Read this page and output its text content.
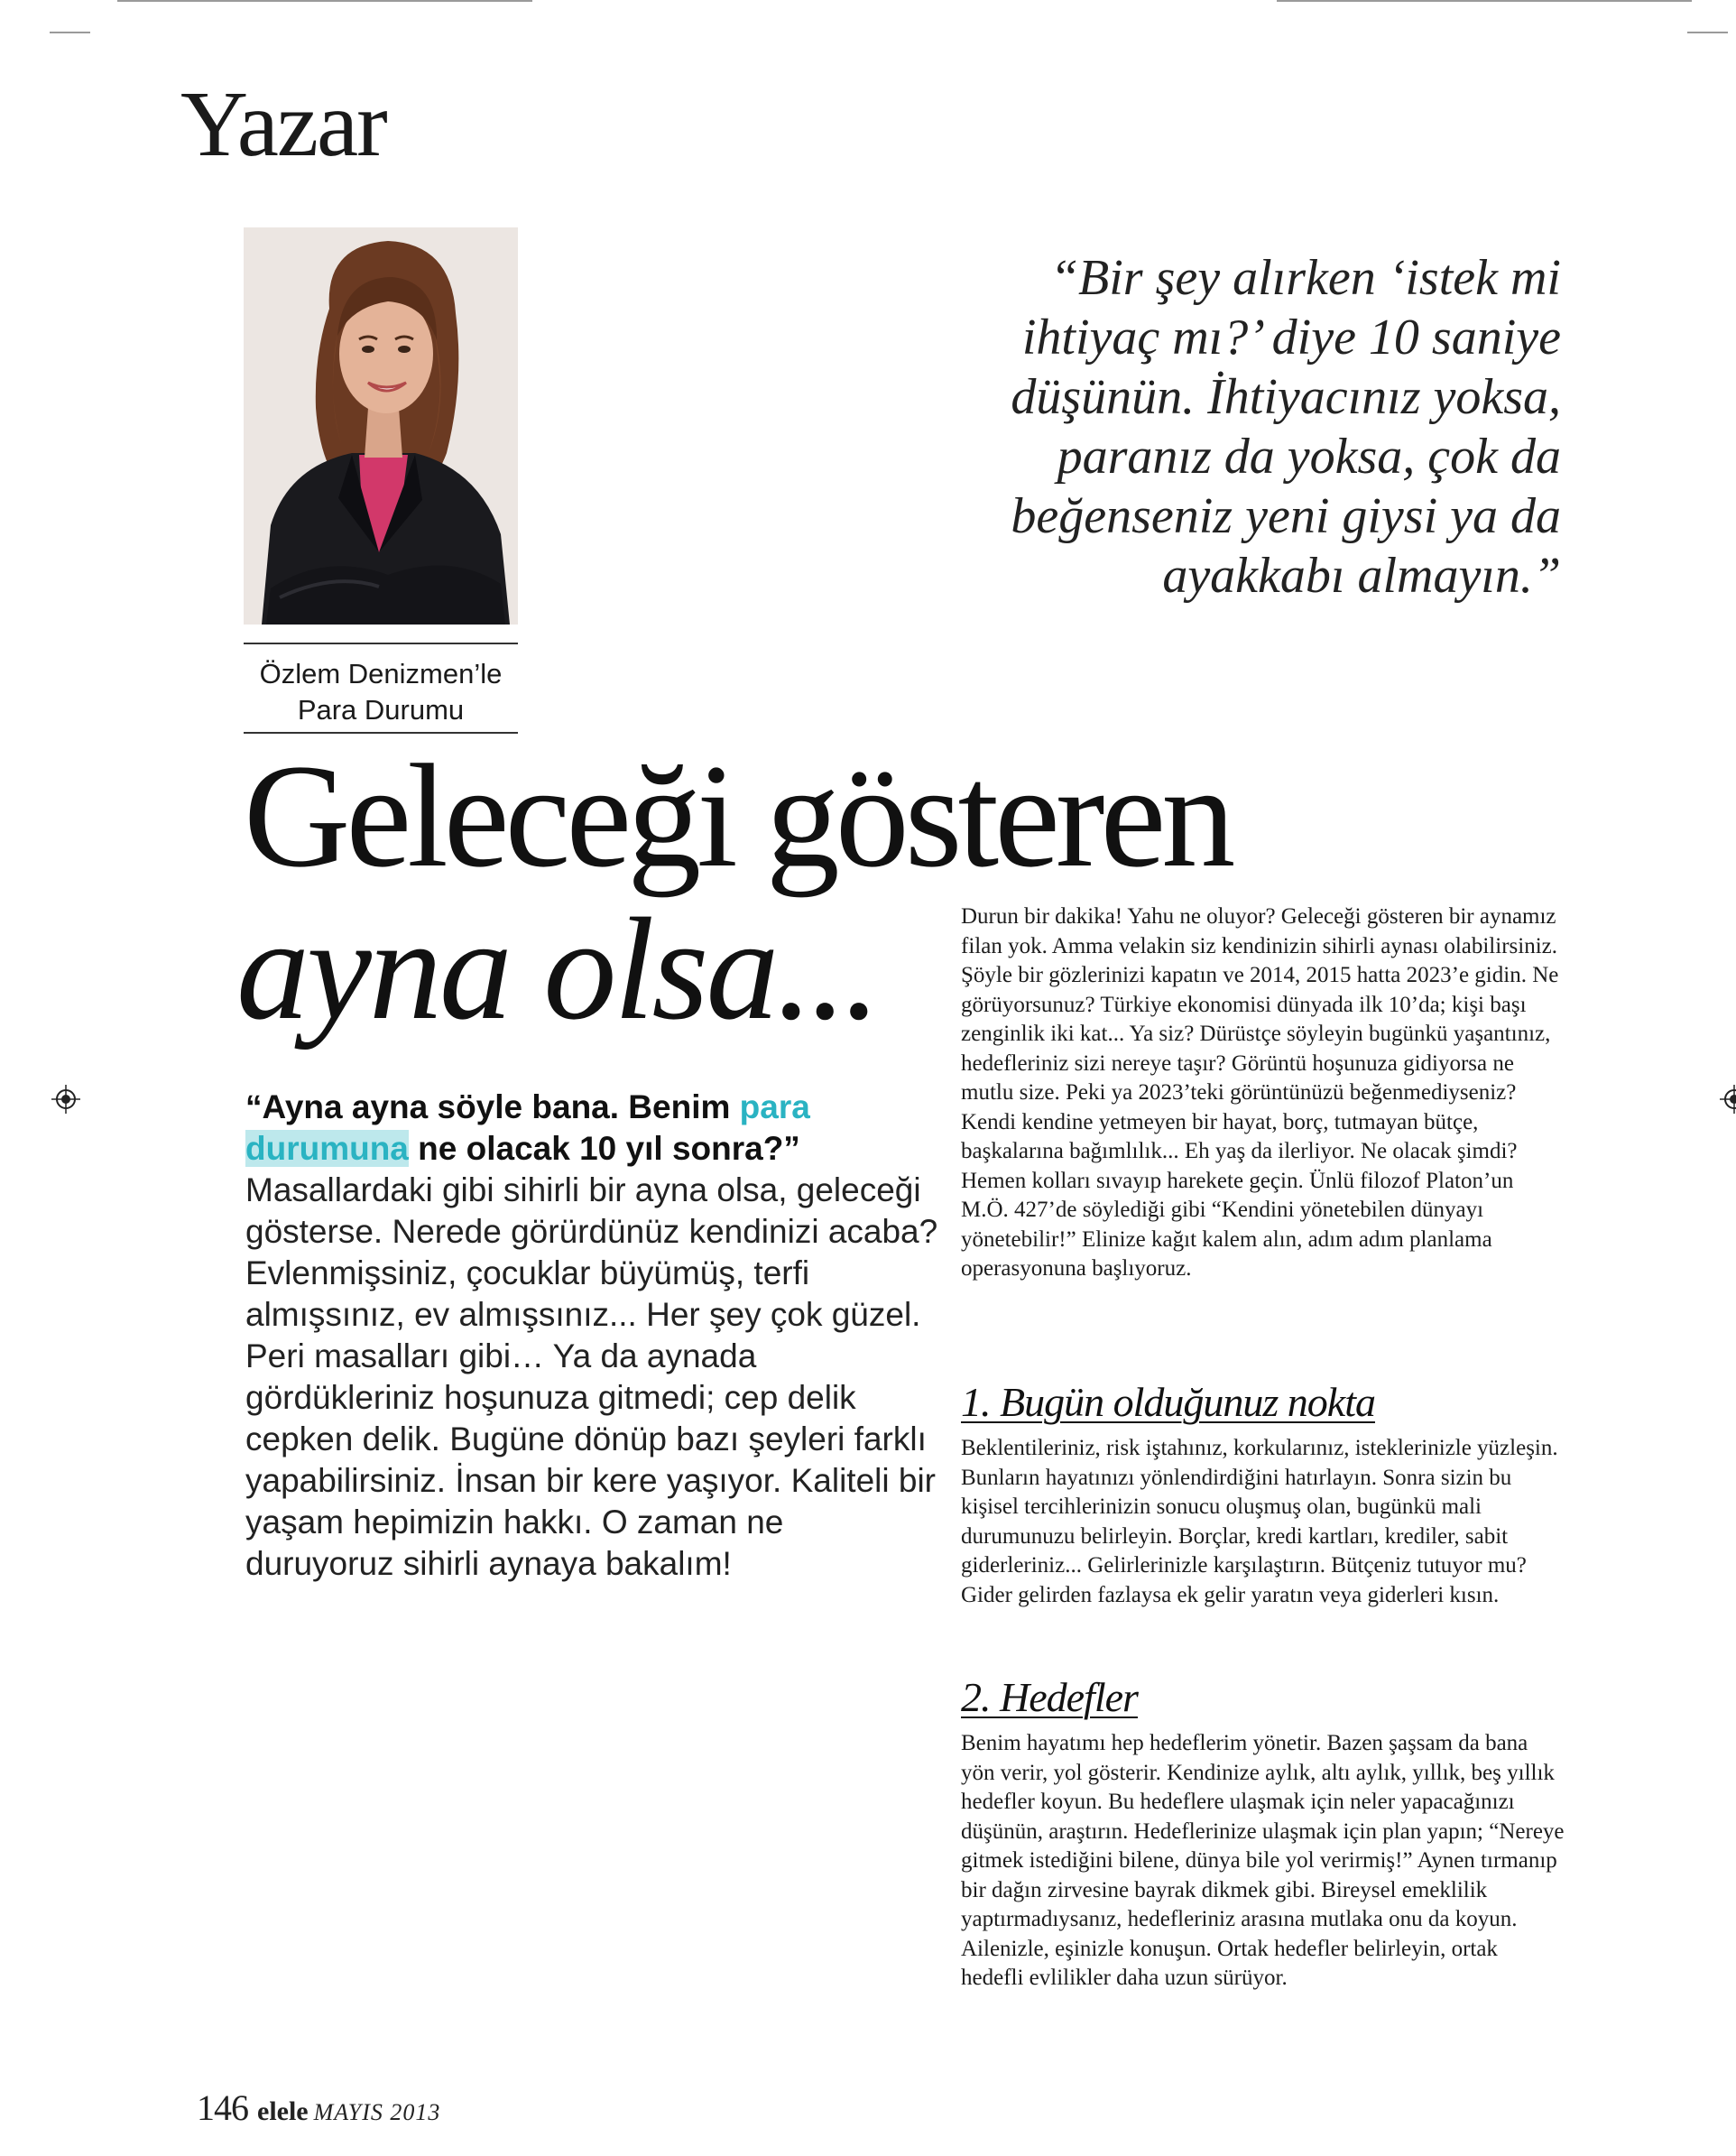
Yazar
Özlem Denizmen’le
Para Durumu
“Bir şey alırken ‘istek mi
ihtiyaç mı?’ diye 10 saniye
düşünün. İhtiyacınız yoksa,
paranız da yoksa, çok da
beğenseniz yeni giysi ya da
ayakkabı almayın.”
Geleceği gösteren
ayna olsa...
“Ayna ayna söyle bana. Benim para
durumuna ne olacak 10 yıl sonra?”
Masallardaki gibi sihirli bir ayna olsa, geleceği gösterse. Nerede görürdünüz kendinizi acaba? Evlenmişsiniz, çocuklar büyümüş, terfi almışsınız, ev almışsınız... Her şey çok güzel. Peri masalları gibi… Ya da aynada gördükleriniz hoşunuza gitmedi; cep delik cepken delik. Bugüne dönüp bazı şeyleri farklı yapabilirsiniz. İnsan bir kere yaşıyor. Kaliteli bir yaşam hepimizin hakkı. O zaman ne duruyoruz sihirli aynaya bakalım!

Durun bir dakika! Yahu ne oluyor? Geleceği gösteren bir aynamız filan yok. Amma velakin siz kendinizin sihirli aynası olabilirsiniz. Şöyle bir gözlerinizi kapatın ve 2014, 2015 hatta 2023’e gidin. Ne görüyorsunuz? Türkiye ekonomisi dünyada ilk 10’da; kişi başı zenginlik iki kat... Ya siz? Dürüstçe söyleyin bugünkü yaşantınız, hedefleriniz sizi nereye taşır? Görüntü hoşunuza gidiyorsa ne mutlu size. Peki ya 2023’teki görüntünüzü beğenmediyseniz? Kendi kendine yetmeyen bir hayat, borç, tutmayan bütçe, başkalarına bağımlılık... Eh yaş da ilerliyor. Ne olacak şimdi?

Hemen kolları sıvayıp harekete geçin. Ünlü filozof Platon’un M.Ö. 427’de söylediği gibi “Kendini yönetebilen dünyayı yönetebilir!” Elinize kağıt kalem alın, adım adım planlama operasyonuna başlıyoruz.

1. Bugün olduğunuz nokta

Beklentileriniz, risk iştahınız, korkularınız, isteklerinizle yüzleşin. Bunların hayatınızı yönlendirdiğini hatırlayın. Sonra sizin bu kişisel tercihlerinizin sonucu oluşmuş olan, bugünkü mali durumunuzu belirleyin. Borçlar, kredi kartları, krediler, sabit giderleriniz... Gelirlerinizle karşılaştırın. Bütçeniz tutuyor mu? Gider gelirden fazlaysa ek gelir yaratın veya giderleri kısın.

2. Hedefler

Benim hayatımı hep hedeflerim yönetir. Bazen şaşsam da bana yön verir, yol gösterir. Kendinize aylık, altı aylık, yıllık, beş yıllık hedefler koyun. Bu hedeflere ulaşmak için neler yapacağınızı düşünün, araştırın. Hedeflerinize ulaşmak için plan yapın; “Nereye gitmek istediğini bilene, dünya bile yol verirmiş!” Aynen tırmanıp bir dağın zirvesine bayrak dikmek gibi. Bireysel emeklilik yaptırmadıysanız, hedefleriniz arasına mutlaka onu da koyun. Ailenizle, eşinizle konuşun. Ortak hedefler belirleyin, ortak hedefli evlilikler daha uzun sürüyor.

146 elele MAYIS 2013
